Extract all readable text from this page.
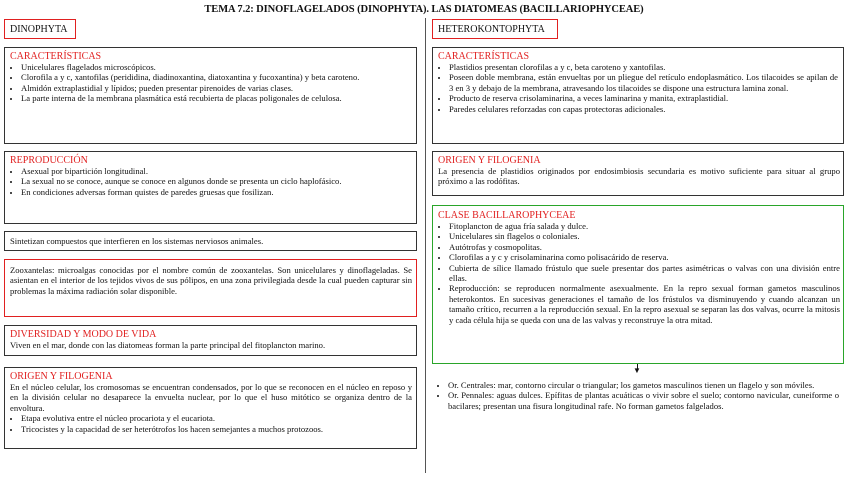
TEMA 7.2: DINOFLAGELADOS (DINOPHYTA). LAS DIATOMEAS (BACILLARIOPHYCEAE)
DINOPHYTA
CARACTERÍSTICAS
• Unicelulares flagelados microscópicos.
• Clorofila a y c, xantofilas (perididina, diadinoxantina, diatoxantina y fucoxantina) y beta caroteno.
• Almidón extraplastidial y lípidos; pueden presentar pirenoides de varias clases.
• La parte interna de la membrana plasmática está recubierta de placas poligonales de celulosa.
REPRODUCCIÓN
• Asexual por bipartición longitudinal.
• La sexual no se conoce, aunque se conoce en algunos donde se presenta un ciclo haplofásico.
• En condiciones adversas forman quistes de paredes gruesas que fosilizan.
Sintetizan compuestos que interfieren en los sistemas nerviosos animales.
Zooxantelas: microalgas conocidas por el nombre común de zooxantelas. Son unicelulares y dinoflageladas. Se asientan en el interior de los tejidos vivos de sus pólipos, en una zona privilegiada desde la cual pueden capturar sin problemas la máxima radiación solar disponible.
DIVERSIDAD Y MODO DE VIDA

Viven en el mar, donde con las diatomeas forman la parte principal del fitoplancton marino.

ORIGEN Y FILOGENIA

En el núcleo celular, los cromosomas se encuentran condensados, por lo que se reconocen en el núcleo en reposo y en la división celular no desaparece la envuelta nuclear, por lo que el huso mitótico se organiza dentro de la envoltura.

• Etapa evolutiva entre el núcleo procariota y el eucariota.
• Tricocistes y la capacidad de ser heterótrofos los hacen semejantes a muchos protozoos.
HETEROKONTOPHYTA
CARACTERÍSTICAS
• Plastidios presentan clorofilas a y c, beta caroteno y xantofilas.
• Poseen doble membrana, están envueltas por un pliegue del retículo endoplasmático. Los tilacoides se apilan de 3 en 3 y debajo de la membrana, atravesando los tilacoides se dispone una estructura lamina zonal.
• Producto de reserva crisolaminarina, a veces laminarina y manita, extraplastidial.
• Paredes celulares reforzadas con capas protectoras adicionales.
ORIGEN Y FILOGENIA

La presencia de plastidios originados por endosimbiosis secundaria es motivo suficiente para situar al grupo próximo a las rodófitas.

CLASE BACILLAROPHYCEAE
• Fitoplancton de agua fría salada y dulce.
• Unicelulares sin flagelos o coloniales.
• Autótrofas y cosmopolitas.
• Clorofilas a y c y crisolaminarina como polisacárido de reserva.
• Cubierta de sílice llamado frústulo que suele presentar dos partes asimétricas o valvas con una división entre ellas.
• Reproducción: se reproducen normalmente asexualmente. En la repro sexual forman gametos masculinos heterokontos. En sucesivas generaciones el tamaño de los frústulos va disminuyendo y cuando alcanzan un tamaño crítico, recurren a la reproducción sexual. En la repro asexual se separan las dos valvas, ocurre la mitosis y cada célula hija se queda con una de las valvas y reconstruye la otra mitad.
▼
• Or. Centrales: mar, contorno circular o triangular; los gametos masculinos tienen un flagelo y son móviles.
• Or. Pennales: aguas dulces. Epífitas de plantas acuáticas o vivir sobre el suelo; contorno navicular, cuneiforme o bacilares; presentan una fisura longitudinal rafe. No forman gametos falgelados.
